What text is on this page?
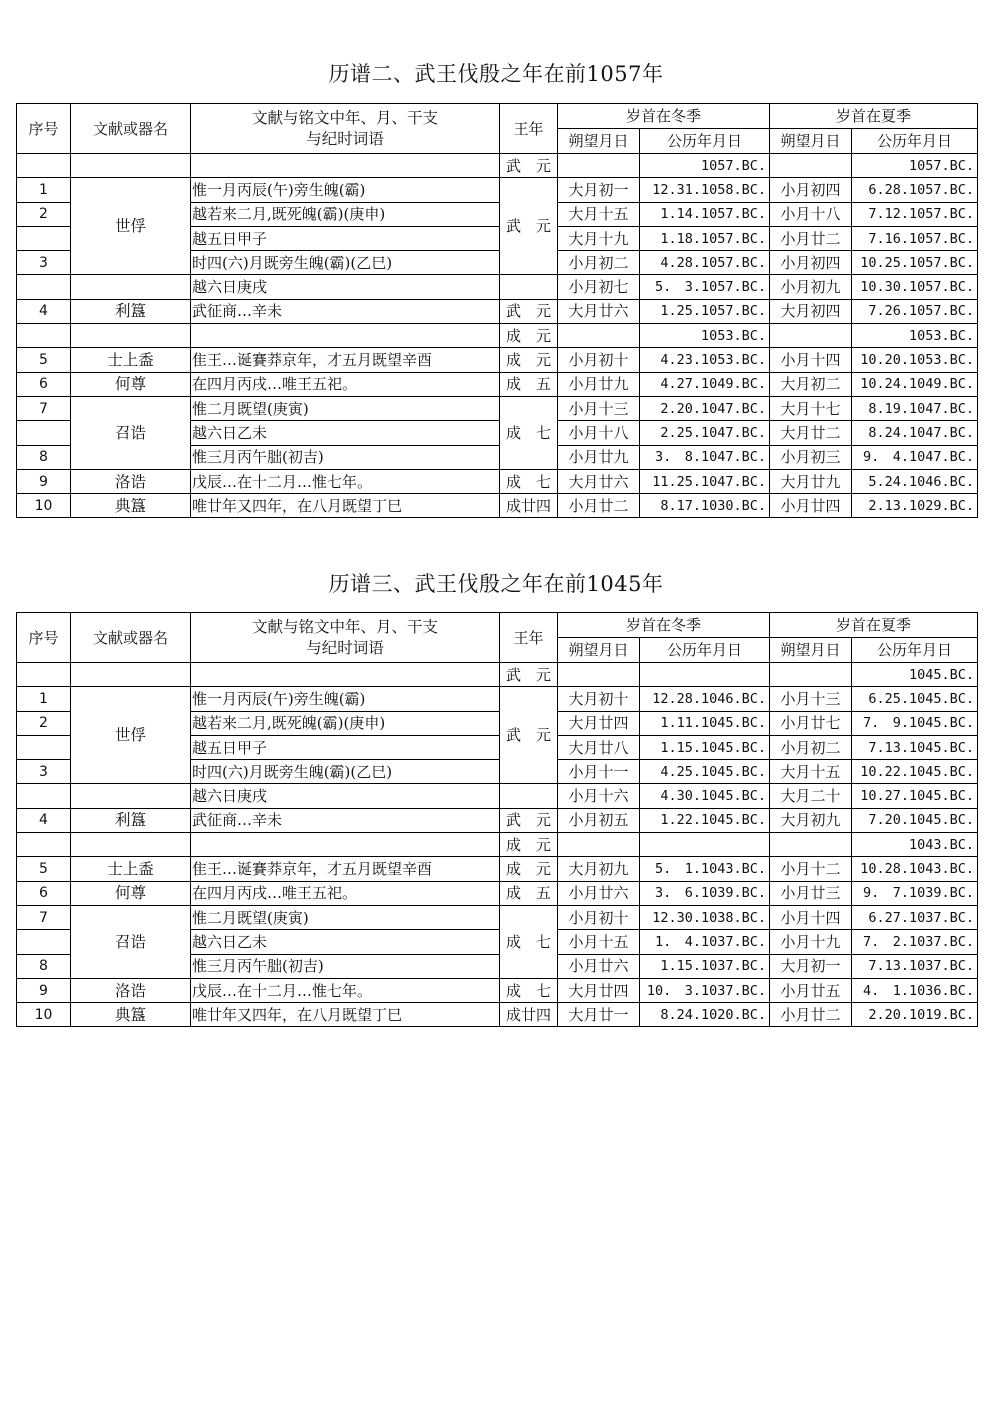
历谱二、武王伐殷之年在前1057年
序号	文献或器名	文献与铭文中年、月、干支
与纪时词语	王年	岁首在冬季		岁首在夏季	
				朔望月日	公历年月日	朔望月日	公历年月日
			武　元		1057.BC.		1057.BC.
1	世俘	惟一月丙辰(午)旁生魄(霸)	武　元	大月初一	12.31.1058.BC.	小月初四	6.28.1057.BC.
2		越若来二月,既死魄(霸)(庚申)		大月十五	1.14.1057.BC.	小月十八	7.12.1057.BC.
		越五日甲子		大月十九	1.18.1057.BC.	小月廿二	7.16.1057.BC.
3		时四(六)月既旁生魄(霸)(乙巳)		小月初二	4.28.1057.BC.	小月初四	10.25.1057.BC.
		越六日庚戌		小月初七	5.　3.1057.BC.	小月初九	10.30.1057.BC.
4	利簋	武征商…辛未	武　元	大月廿六	1.25.1057.BC.	大月初四	7.26.1057.BC.
			成　元		1053.BC.		1053.BC.
5	士上盉	隹王…诞賽莽京年，才五月既望辛酉	成　元	小月初十	4.23.1053.BC.	小月十四	10.20.1053.BC.
6	何尊	在四月丙戌…唯王五祀。	成　五	小月廿九	4.27.1049.BC.	大月初二	10.24.1049.BC.
7	召诰	惟二月既望(庚寅)	成　七	小月十三	2.20.1047.BC.	大月十七	8.19.1047.BC.
		越六日乙未		小月十八	2.25.1047.BC.	大月廿二	8.24.1047.BC.
8		惟三月丙午朏(初吉)		小月廿九	3.　8.1047.BC.	小月初三	9.　4.1047.BC.
9	洛诰	戊辰…在十二月…惟七年。	成　七	大月廿六	11.25.1047.BC.	大月廿九	5.24.1046.BC.
10	典簋	唯廿年又四年，在八月既望丁巳	成廿四	小月廿二	8.17.1030.BC.	小月廿四	2.13.1029.BC.
历谱三、武王伐殷之年在前1045年
序号	文献或器名	文献与铭文中年、月、干支
与纪时词语	王年	岁首在冬季		岁首在夏季	
				朔望月日	公历年月日	朔望月日	公历年月日
			武　元				1045.BC.
1	世俘	惟一月丙辰(午)旁生魄(霸)	武　元	大月初十	12.28.1046.BC.	小月十三	6.25.1045.BC.
2		越若来二月,既死魄(霸)(庚申)		大月廿四	1.11.1045.BC.	小月廿七	7.　9.1045.BC.
		越五日甲子		大月廿八	1.15.1045.BC.	小月初二	7.13.1045.BC.
3		时四(六)月既旁生魄(霸)(乙巳)		小月十一	4.25.1045.BC.	大月十五	10.22.1045.BC.
		越六日庚戌		小月十六	4.30.1045.BC.	大月二十	10.27.1045.BC.
4	利簋	武征商…辛未	武　元	小月初五	1.22.1045.BC.	大月初九	7.20.1045.BC.
			成　元				1043.BC.
5	士上盉	隹王…诞賽莽京年，才五月既望辛酉	成　元	大月初九	5.　1.1043.BC.	小月十二	10.28.1043.BC.
6	何尊	在四月丙戌…唯王五祀。	成　五	小月廿六	3.　6.1039.BC.	小月廿三	9.　7.1039.BC.
7	召诰	惟二月既望(庚寅)	成　七	小月初十	12.30.1038.BC.	小月十四	6.27.1037.BC.
		越六日乙未		小月十五	1.　4.1037.BC.	小月十九	7.　2.1037.BC.
8		惟三月丙午朏(初吉)		小月廿六	1.15.1037.BC.	大月初一	7.13.1037.BC.
9	洛诰	戊辰…在十二月…惟七年。	成　七	大月廿四	10.　3.1037.BC.	小月廿五	4.　1.1036.BC.
10	典簋	唯廿年又四年，在八月既望丁巳	成廿四	大月廿一	8.24.1020.BC.	小月廿二	2.20.1019.BC.
